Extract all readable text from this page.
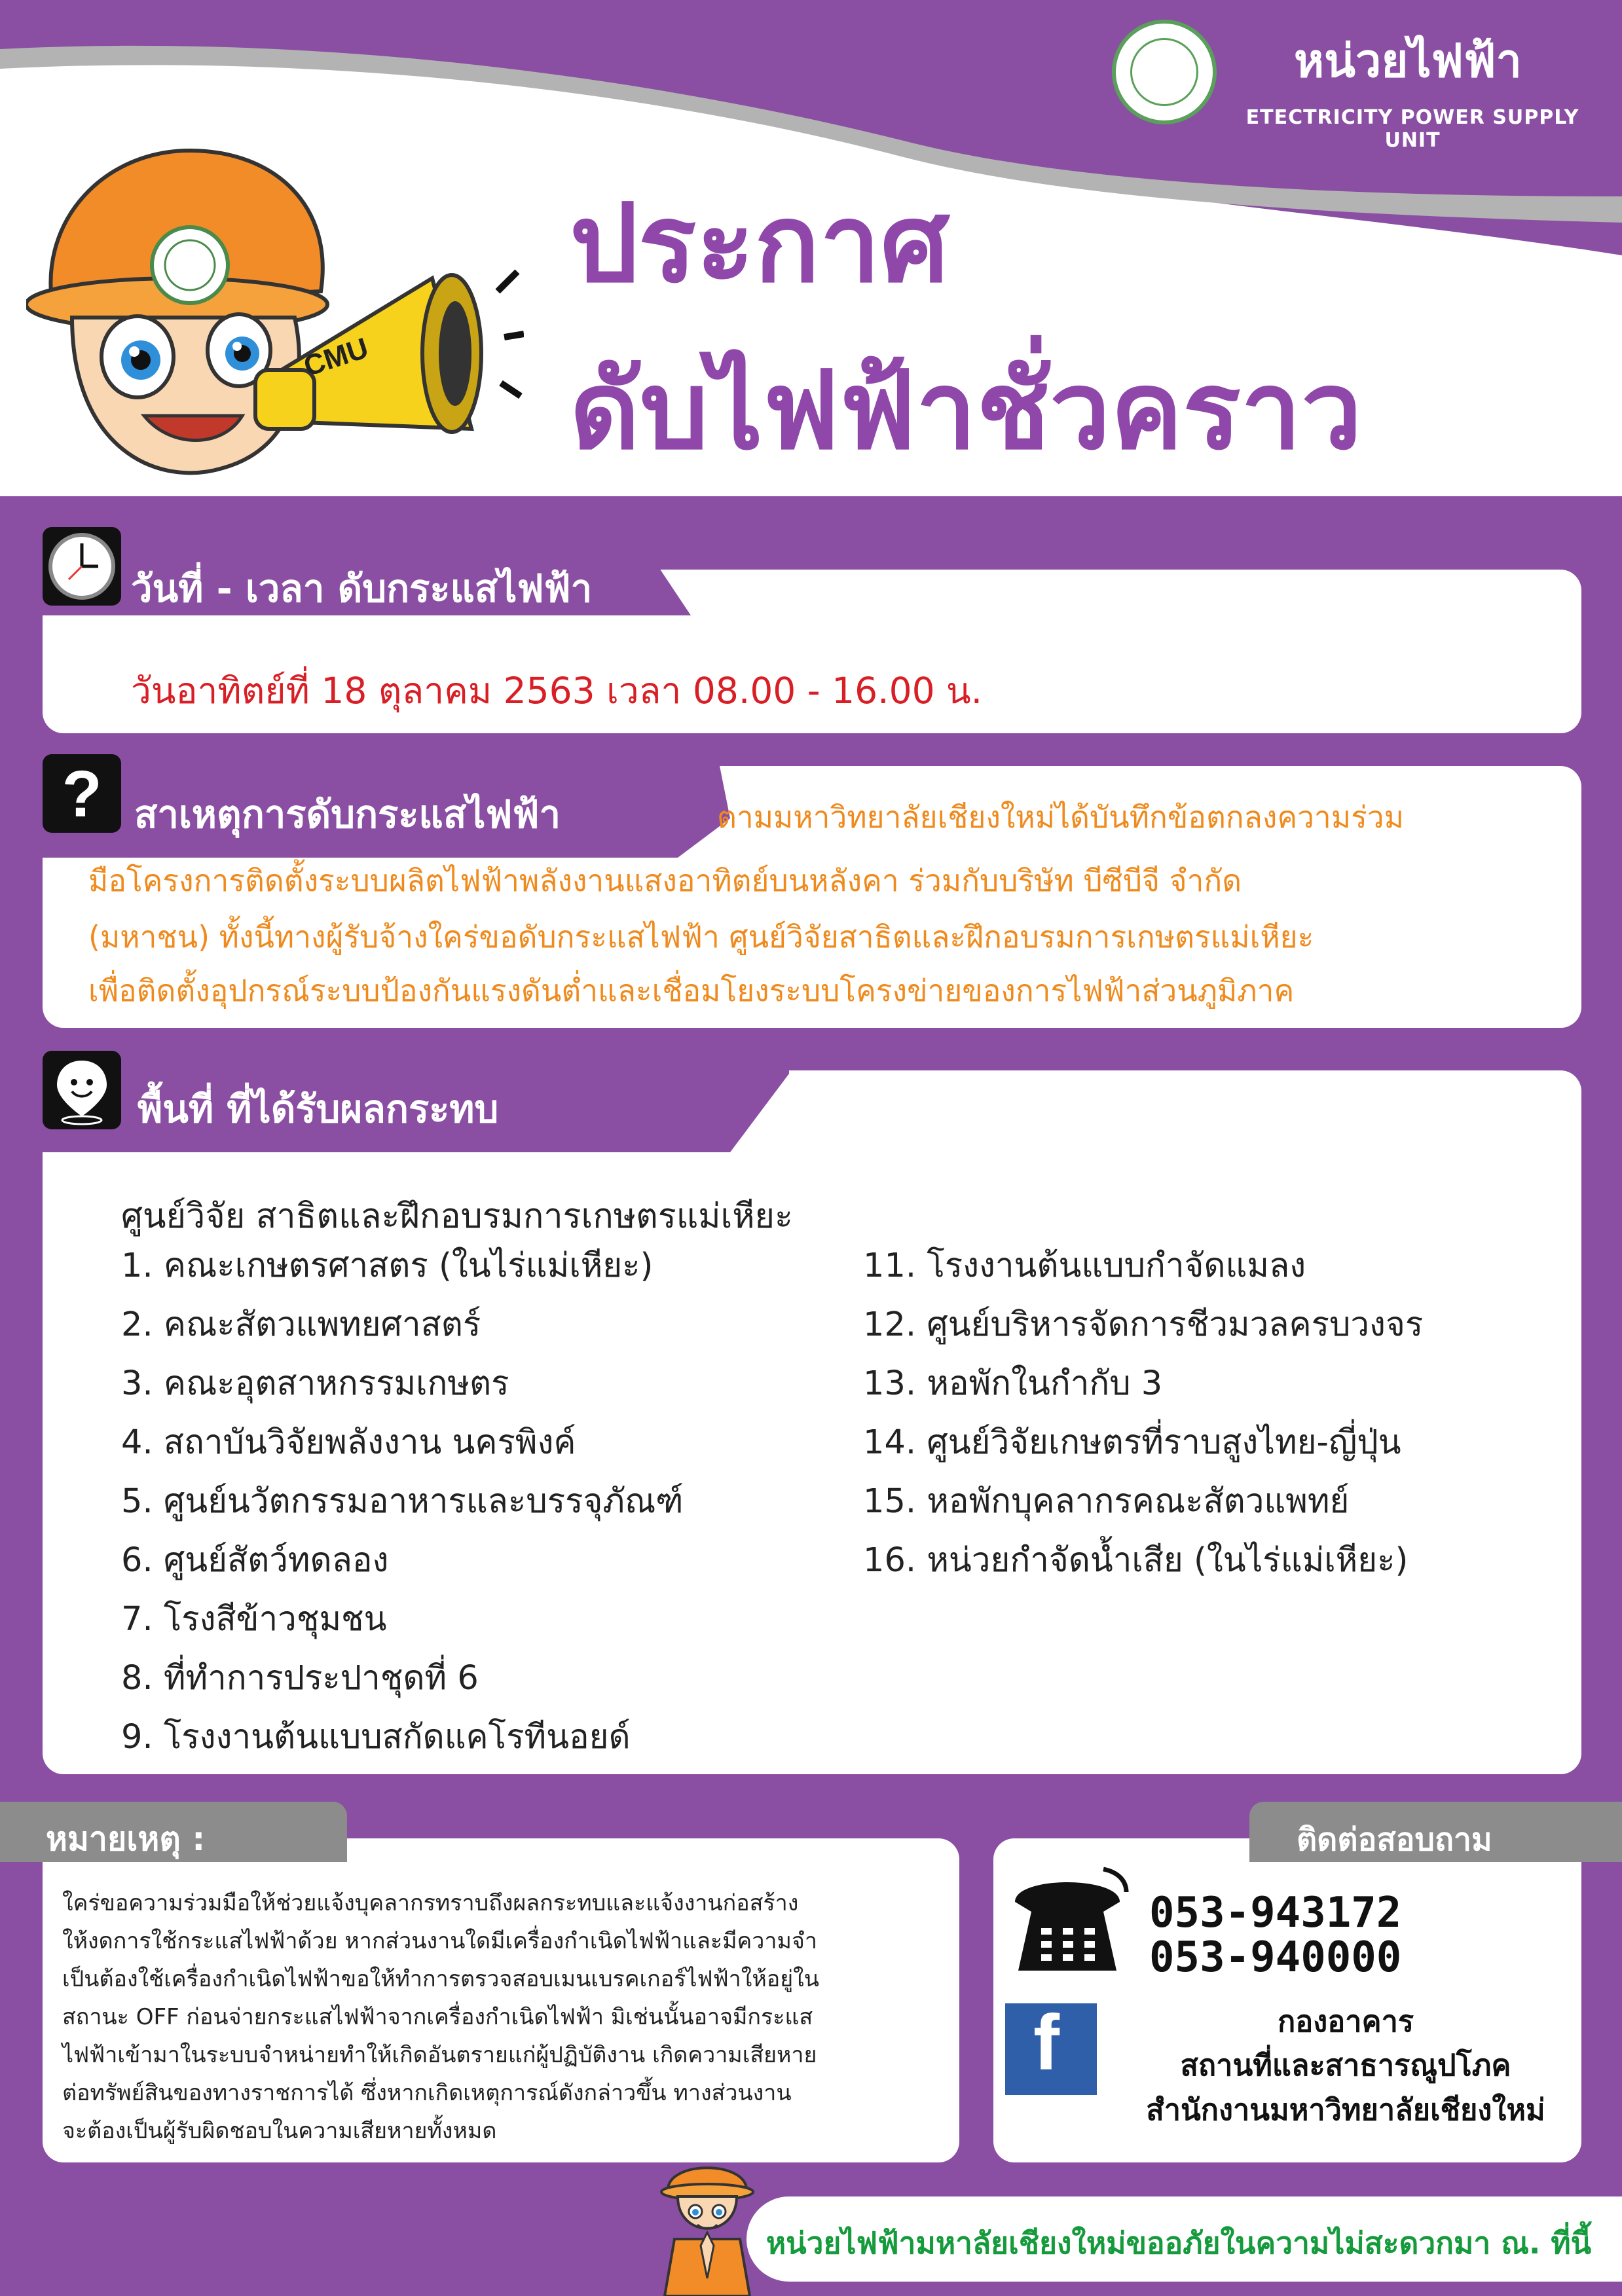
CMU
หน่วยไฟฟ้า
ETECTRICITY POWER SUPPLY UNIT
ประกาศ
ดับไฟฟ้าชั่วคราว
วันที่ - เวลา ดับกระแสไฟฟ้า
วันอาทิตย์ที่ 18 ตุลาคม 2563 เวลา 08.00 - 16.00 น.
? สาเหตุการดับกระแสไฟฟ้า	ตามมหาวิทยาลัยเชียงใหม่ได้บันทึกข้อตกลงความร่วม
มือโครงการติดตั้งระบบผลิตไฟฟ้าพลังงานแสงอาทิตย์บนหลังคา ร่วมกับบริษัท บีซีบีจี จำกัด
(มหาชน) ทั้งนี้ทางผู้รับจ้างใคร่ขอดับกระแสไฟฟ้า ศูนย์วิจัยสาธิตและฝึกอบรมการเกษตรแม่เหียะ
เพื่อติดตั้งอุปกรณ์ระบบป้องกันแรงดันต่ำและเชื่อมโยงระบบโครงข่ายของการไฟฟ้าส่วนภูมิภาค
พื้นที่ ที่ได้รับผลกระทบ
ศูนย์วิจัย สาธิตและฝึกอบรมการเกษตรแม่เหียะ
1. คณะเกษตรศาสตร (ในไร่แม่เหียะ)
2. คณะสัตวแพทยศาสตร์
3. คณะอุตสาหกรรมเกษตร
4. สถาบันวิจัยพลังงาน นครพิงค์
5. ศูนย์นวัตกรรมอาหารและบรรจุภัณฑ์
6. ศูนย์สัตว์ทดลอง
7. โรงสีข้าวชุมชน
8. ที่ทำการประปาชุดที่ 6
9. โรงงานต้นแบบสกัดแคโรทีนอยด์
11. โรงงานต้นแบบกำจัดแมลง
12. ศูนย์บริหารจัดการชีวมวลครบวงจร
13. หอพักในกำกับ 3
14. ศูนย์วิจัยเกษตรที่ราบสูงไทย-ญี่ปุ่น
15. หอพักบุคลากรคณะสัตวแพทย์
16. หน่วยกำจัดน้ำเสีย (ในไร่แม่เหียะ)
หมายเหตุ :
ใคร่ขอความร่วมมือให้ช่วยแจ้งบุคลากรทราบถึงผลกระทบและแจ้งงานก่อสร้าง
ให้งดการใช้กระแสไฟฟ้าด้วย หากส่วนงานใดมีเครื่องกำเนิดไฟฟ้าและมีความจำ
เป็นต้องใช้เครื่องกำเนิดไฟฟ้าขอให้ทำการตรวจสอบเมนเบรคเกอร์ไฟฟ้าให้อยู่ใน
สถานะ OFF ก่อนจ่ายกระแสไฟฟ้าจากเครื่องกำเนิดไฟฟ้า มิเช่นนั้นอาจมีกระแส
ไฟฟ้าเข้ามาในระบบจำหน่ายทำให้เกิดอันตรายแก่ผู้ปฏิบัติงาน เกิดความเสียหาย
ต่อทรัพย์สินของทางราชการได้ ซึ่งหากเกิดเหตุการณ์ดังกล่าวขึ้น ทางส่วนงาน
จะต้องเป็นผู้รับผิดชอบในความเสียหายทั้งหมด
ติดต่อสอบถาม
053-943172
053-940000
f	กองอาคาร
สถานที่และสาธารณูปโภค
สำนักงานมหาวิทยาลัยเชียงใหม่
หน่วยไฟฟ้ามหาลัยเชียงใหม่ขออภัยในความไม่สะดวกมา ณ. ที่นี้
